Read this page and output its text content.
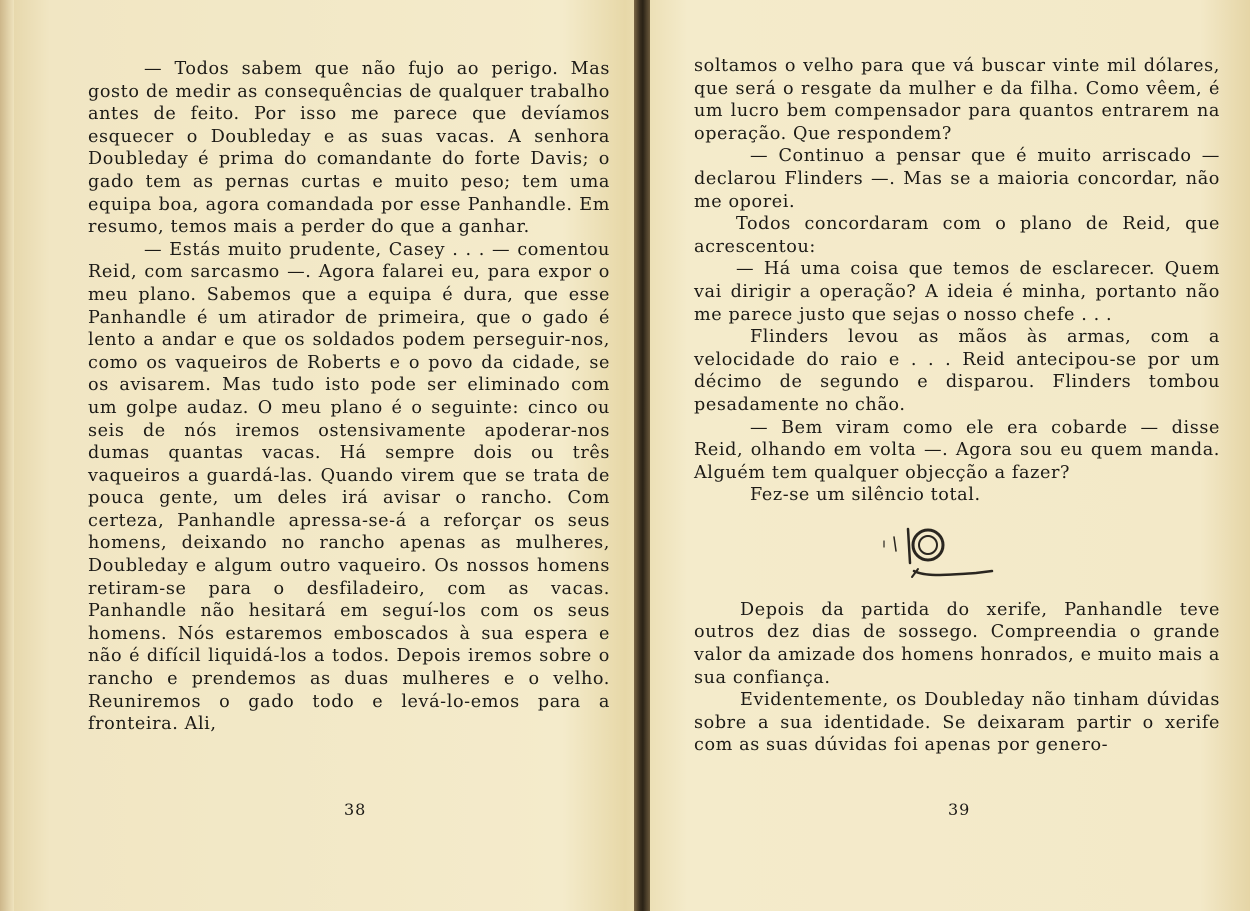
— Todos sabem que não fujo ao perigo. Mas gosto de medir as consequências de qualquer trabalho antes de feito. Por isso me parece que devíamos esquecer o Doubleday e as suas vacas. A senhora Doubleday é prima do comandante do forte Davis; o gado tem as pernas curtas e muito peso; tem uma equipa boa, agora comandada por esse Panhandle. Em resumo, temos mais a perder do que a ganhar.

— Estás muito prudente, Casey . . . — comentou Reid, com sarcasmo —. Agora falarei eu, para expor o meu plano. Sabemos que a equipa é dura, que esse Panhandle é um atirador de primeira, que o gado é lento a andar e que os soldados podem perseguir-nos, como os vaqueiros de Roberts e o povo da cidade, se os avisarem. Mas tudo isto pode ser eliminado com um golpe audaz. O meu plano é o seguinte: cinco ou seis de nós iremos ostensivamente apoderar-nos dumas quantas vacas. Há sempre dois ou três vaqueiros a guardá-las. Quando virem que se trata de pouca gente, um deles irá avisar o rancho. Com certeza, Panhandle apressa-se-á a reforçar os seus homens, deixando no rancho apenas as mulheres, Doubleday e algum outro vaqueiro. Os nossos homens retiram-se para o desfiladeiro, com as vacas. Panhandle não hesitará em seguí-los com os seus homens. Nós estaremos emboscados à sua espera e não é difícil liquidá-los a todos. Depois iremos sobre o rancho e prendemos as duas mulheres e o velho. Reuniremos o gado todo e levá-lo-emos para a fronteira. Ali,

38

soltamos o velho para que vá buscar vinte mil dólares, que será o resgate da mulher e da filha. Como vêem, é um lucro bem compensador para quantos entrarem na operação. Que respondem?

— Continuo a pensar que é muito arriscado — declarou Flinders —. Mas se a maioria concordar, não me oporei.

Todos concordaram com o plano de Reid, que acrescentou:

— Há uma coisa que temos de esclarecer. Quem vai dirigir a operação? A ideia é minha, portanto não me parece justo que sejas o nosso chefe . . .

Flinders levou as mãos às armas, com a velocidade do raio e . . . Reid antecipou-se por um décimo de segundo e disparou. Flinders tombou pesadamente no chão.

— Bem viram como ele era cobarde — disse Reid, olhando em volta —. Agora sou eu quem manda. Alguém tem qualquer objecção a fazer?

Fez-se um silêncio total.

Depois da partida do xerife, Panhandle teve outros dez dias de sossego. Compreendia o grande valor da amizade dos homens honrados, e muito mais a sua confiança.

Evidentemente, os Doubleday não tinham dúvidas sobre a sua identidade. Se deixaram partir o xerife com as suas dúvidas foi apenas por genero-

39
